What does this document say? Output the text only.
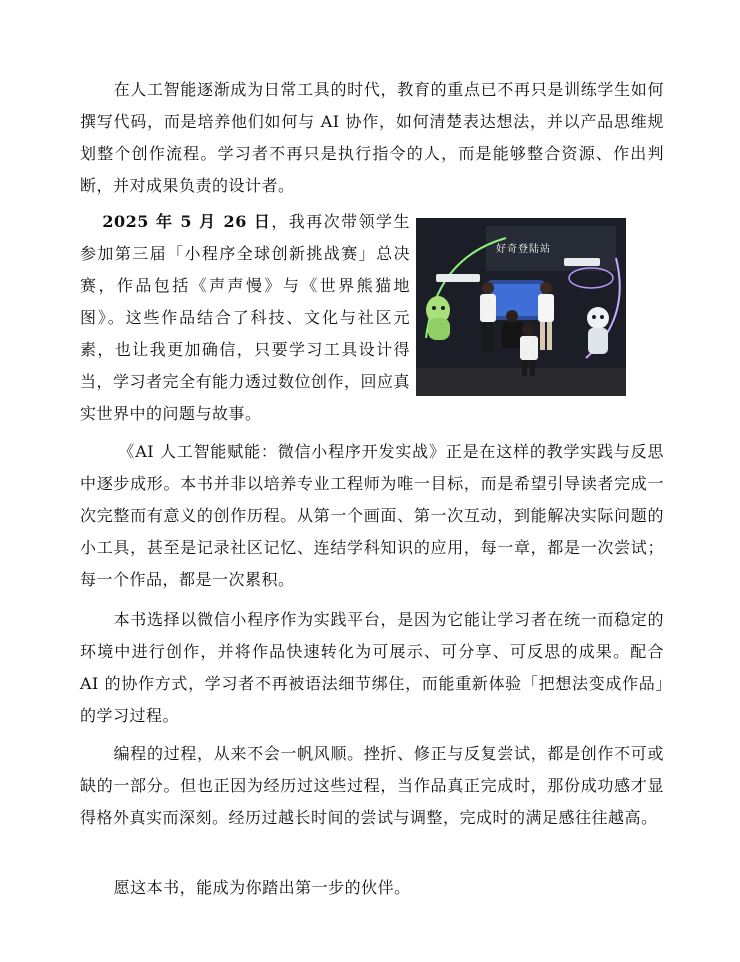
在人工智能逐渐成为日常工具的时代，教育的重点已不再只是训练学生如何撰写代码，而是培养他们如何与 AI 协作，如何清楚表达想法，并以产品思维规划整个创作流程。学习者不再只是执行指令的人，而是能够整合资源、作出判断，并对成果负责的设计者。

2025 年 5 月 26 日，我再次带领学生参加第三届「小程序全球创新挑战赛」总决赛，作品包括《声声慢》与《世界熊猫地图》。这些作品结合了科技、文化与社区元素，也让我更加确信，只要学习工具设计得当，学习者完全有能力透过数位创作，回应真实世界中的问题与故事。

好奇登陆站

《AI 人工智能赋能：微信小程序开发实战》正是在这样的教学实践与反思中逐步成形。本书并非以培养专业工程师为唯一目标，而是希望引导读者完成一次完整而有意义的创作历程。从第一个画面、第一次互动，到能解决实际问题的小工具，甚至是记录社区记忆、连结学科知识的应用，每一章，都是一次尝试；每一个作品，都是一次累积。

本书选择以微信小程序作为实践平台，是因为它能让学习者在统一而稳定的环境中进行创作，并将作品快速转化为可展示、可分享、可反思的成果。配合 AI 的协作方式，学习者不再被语法细节绑住，而能重新体验「把想法变成作品」的学习过程。

编程的过程，从来不会一帆风顺。挫折、修正与反复尝试，都是创作不可或缺的一部分。但也正因为经历过这些过程，当作品真正完成时，那份成功感才显得格外真实而深刻。经历过越长时间的尝试与调整，完成时的满足感往往越高。

愿这本书，能成为你踏出第一步的伙伴。
